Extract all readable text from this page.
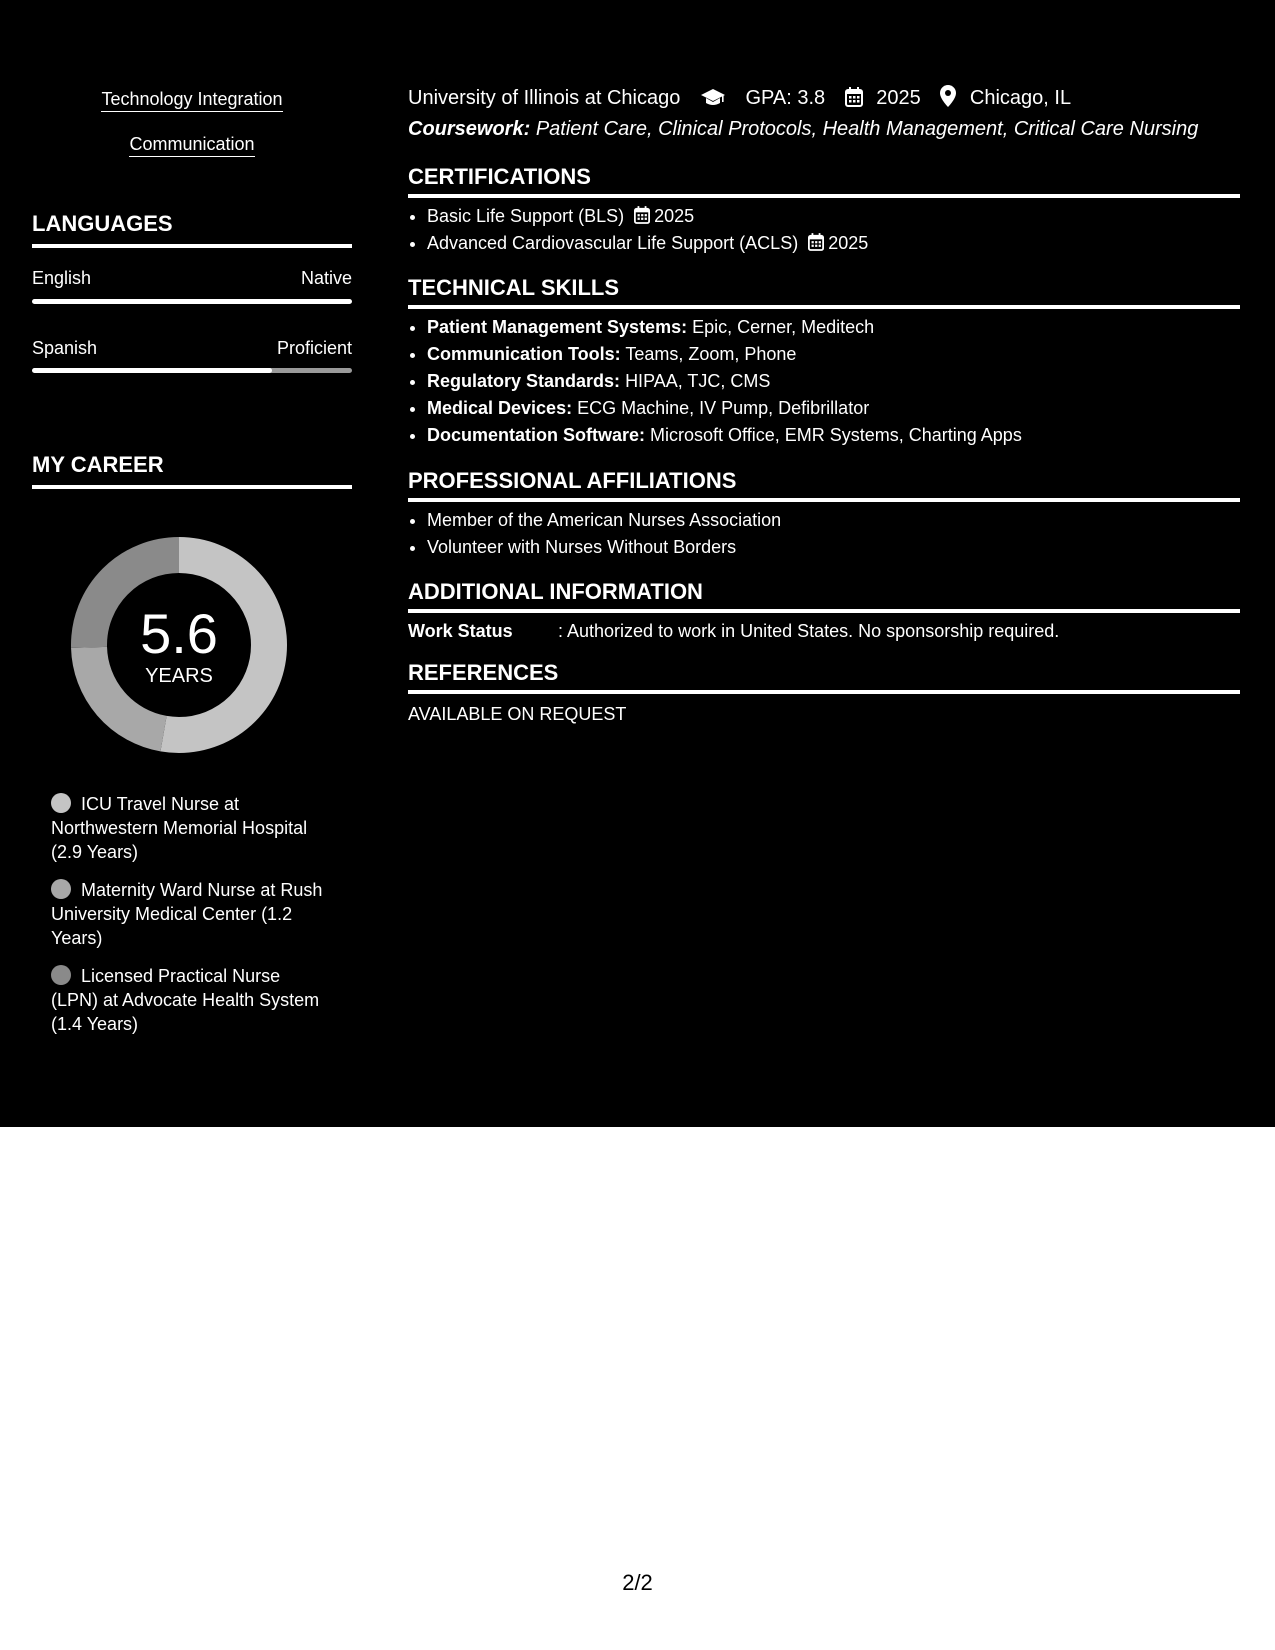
Technology Integration
Communication
LANGUAGES
English	Native
Spanish	Proficient
MY CAREER
5.6
YEARS
ICU Travel Nurse at Northwestern Memorial Hospital (2.9 Years)
Maternity Ward Nurse at Rush University Medical Center (1.2 Years)
Licensed Practical Nurse (LPN) at Advocate Health System (1.4 Years)
University of Illinois at Chicago	GPA: 3.8	2025 Chicago, IL
Coursework: Patient Care, Clinical Protocols, Health Management, Critical Care Nursing
CERTIFICATIONS
• Basic Life Support (BLS) 2025
• Advanced Cardiovascular Life Support (ACLS) 2025
TECHNICAL SKILLS
• Patient Management Systems: Epic, Cerner, Meditech
• Communication Tools: Teams, Zoom, Phone
• Regulatory Standards: HIPAA, TJC, CMS
• Medical Devices: ECG Machine, IV Pump, Defibrillator
• Documentation Software: Microsoft Office, EMR Systems, Charting Apps
PROFESSIONAL AFFILIATIONS
• Member of the American Nurses Association
• Volunteer with Nurses Without Borders
ADDITIONAL INFORMATION
Work Status	: Authorized to work in United States. No sponsorship required.
REFERENCES
AVAILABLE ON REQUEST
2/2
